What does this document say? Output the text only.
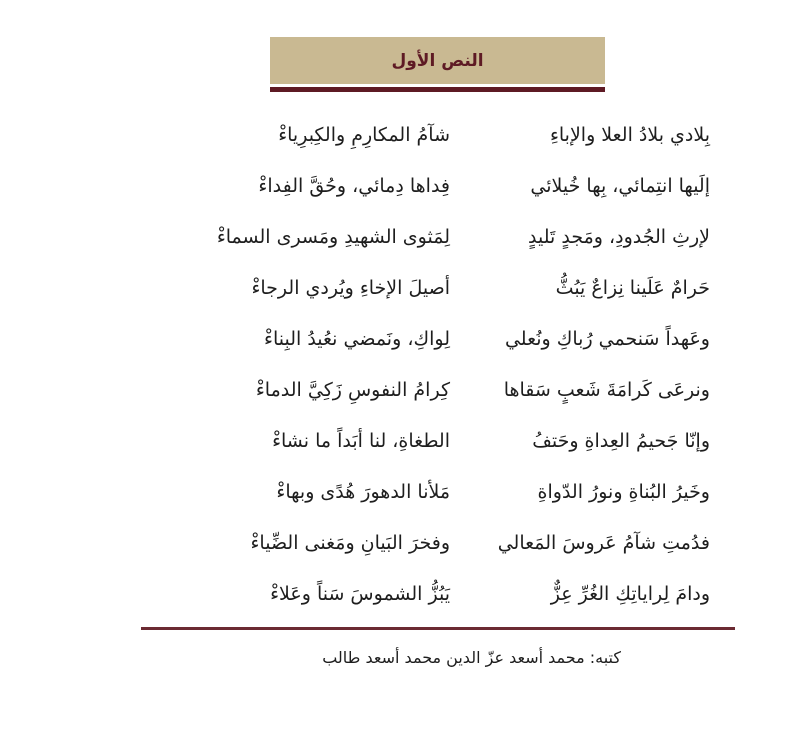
النص الأول
بِلادي بلادُ العلا والإباءِ
شآمُ المكارِمِ والكِبرِياءْ
إلَيها انتِمائي، بِها خُيلائي
فِداها دِمائي، وحُقَّ الفِداءْ
لإرثِ الجُدودِ، ومَجدٍ تَليدٍ
لِمَثوى الشهيدِ ومَسرى السماءْ
حَرامٌ عَلَينا نِزاعٌ يَبُثُّ
أصيلَ الإخاءِ ويُردي الرجاءْ
وعَهداً سَنحمي رُباكِ ونُعلي
لِواكِ، ونَمضي نعُيدُ البِناءْ
ونرعَى كَرامَةَ شَعبٍ سَقاها
كِرامُ النفوسِ زَكِيَّ الدماءْ
وإنّا جَحيمُ العِداةِ وحَتفُ
الطغاةِ، لنا أبَداً ما نشاءْ
وخَيرُ البُناةِ ونورُ الدّواةِ
مَلأنا الدهورَ هُدًى وبهاءْ
فدُمتِ شآمُ عَروسَ المَعالي
وفخرَ البَيانِ ومَغنى الضِّياءْ
ودامَ لِراياتِكِ الغُرِّ عِزٌّ
يَبُزُّ الشموسَ سَناً وعَلاءْ
كتبه: محمد أسعد عزّ الدين محمد أسعد طالب
